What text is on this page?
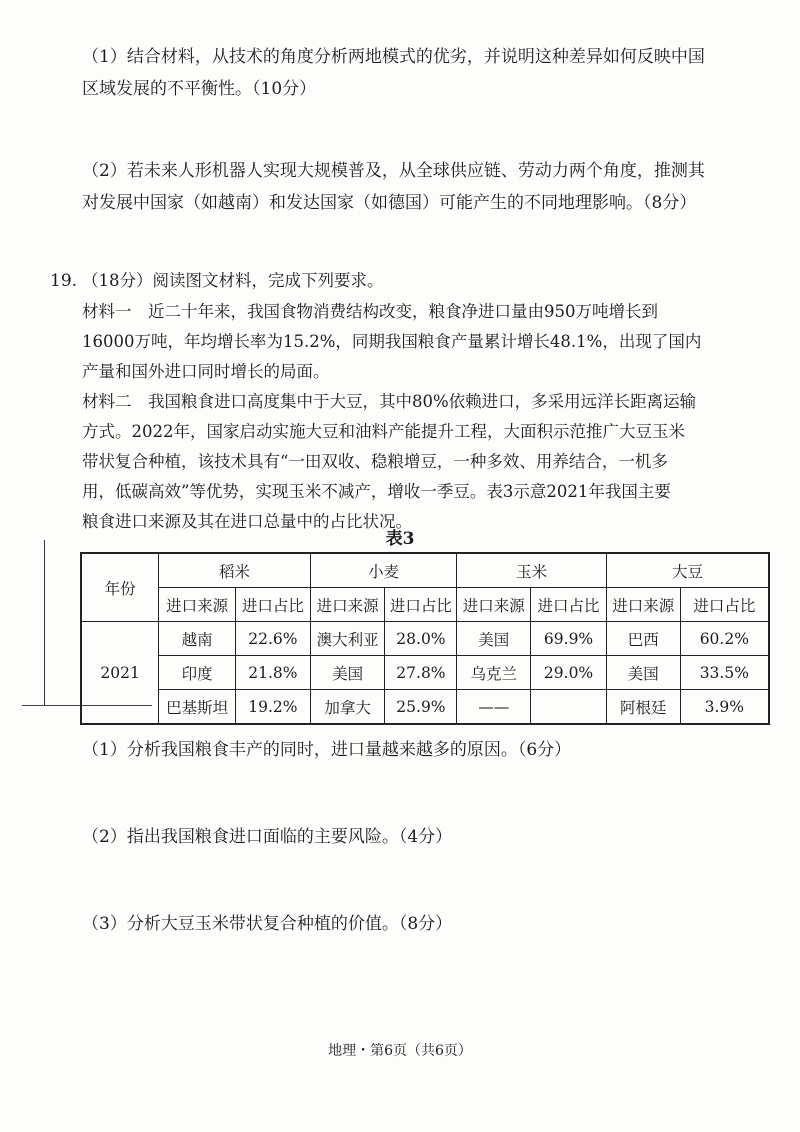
（1）结合材料，从技术的角度分析两地模式的优劣，并说明这种差异如何反映中国
区域发展的不平衡性。（10分）
（2）若未来人形机器人实现大规模普及，从全球供应链、劳动力两个角度，推测其
对发展中国家（如越南）和发达国家（如德国）可能产生的不同地理影响。（8分）
19. （18分）阅读图文材料，完成下列要求。
材料一　近二十年来，我国食物消费结构改变，粮食净进口量由950万吨增长到
16000万吨，年均增长率为15.2%，同期我国粮食产量累计增长48.1%，出现了国内
产量和国外进口同时增长的局面。
材料二　我国粮食进口高度集中于大豆，其中80%依赖进口，多采用远洋长距离运输
方式。2022年，国家启动实施大豆和油料产能提升工程，大面积示范推广大豆玉米
带状复合种植，该技术具有“一田双收、稳粮增豆，一种多效、用养结合，一机多
用，低碳高效”等优势，实现玉米不减产，增收一季豆。表3示意2021年我国主要
粮食进口来源及其在进口总量中的占比状况。
表3
年份	稻米		小麦		玉米		大豆	
	进口来源	进口占比	进口来源	进口占比	进口来源	进口占比	进口来源	进口占比
2021	越南	22.6%	澳大利亚	28.0%	美国	69.9%	巴西	60.2%
	印度	21.8%	美国	27.8%	乌克兰	29.0%	美国	33.5%
	巴基斯坦	19.2%	加拿大	25.9%	——		阿根廷	3.9%
（1）分析我国粮食丰产的同时，进口量越来越多的原因。（6分）
（2）指出我国粮食进口面临的主要风险。（4分）
（3）分析大豆玉米带状复合种植的价值。（8分）
地理・第6页（共6页）
